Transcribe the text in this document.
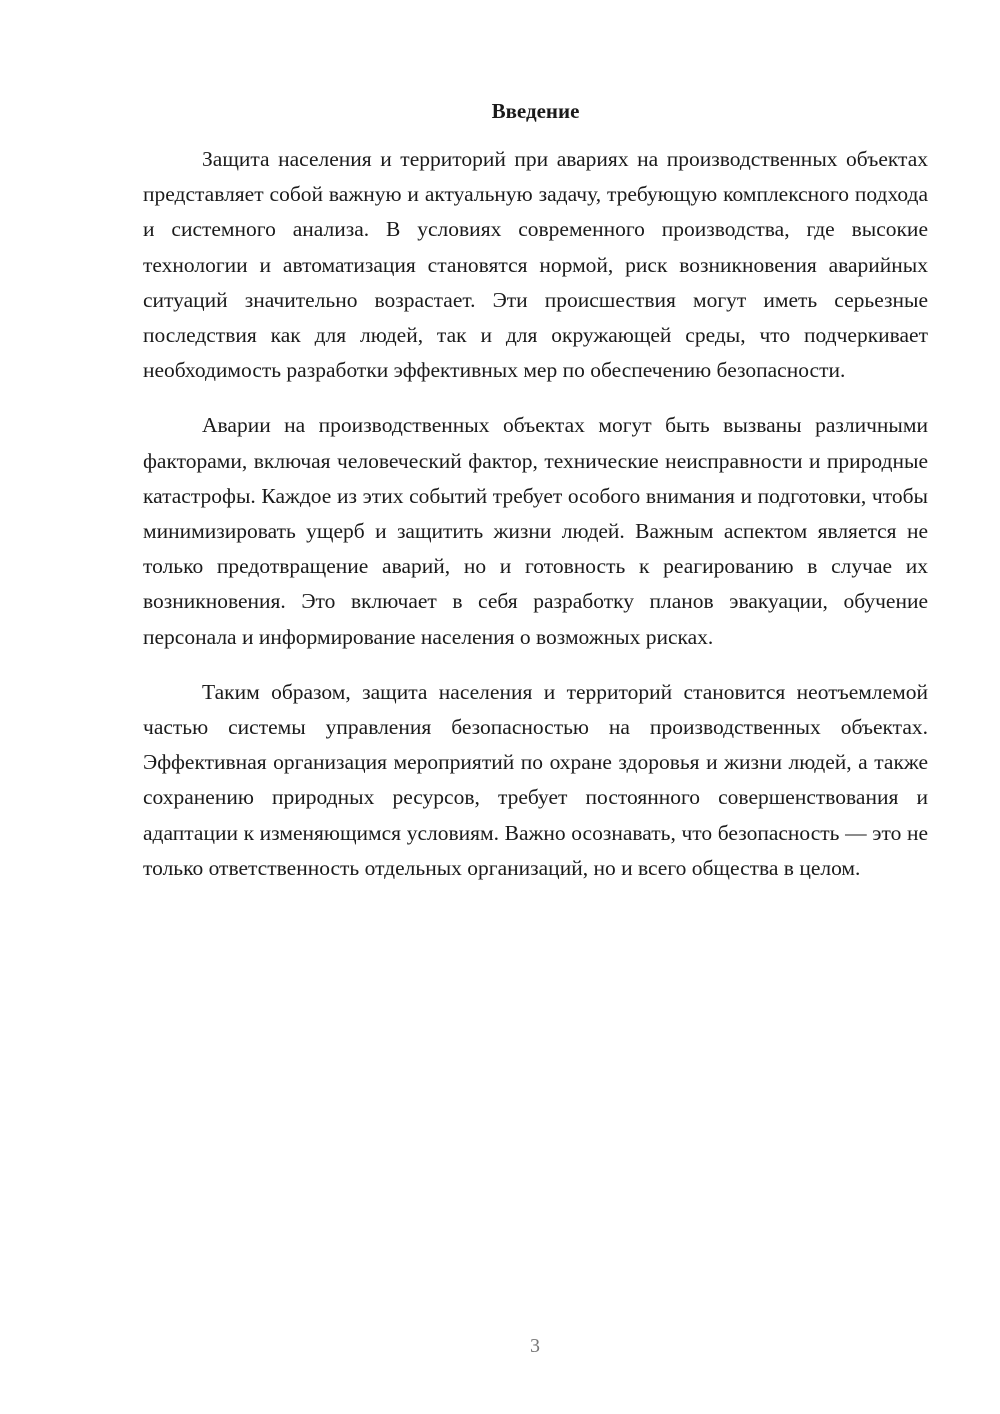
Введение

Защита населения и территорий при авариях на производственных объектах представляет собой важную и актуальную задачу, требующую комплексного подхода и системного анализа. В условиях современного производства, где высокие технологии и автоматизация становятся нормой, риск возникновения аварийных ситуаций значительно возрастает. Эти происшествия могут иметь серьезные последствия как для людей, так и для окружающей среды, что подчеркивает необходимость разработки эффективных мер по обеспечению безопасности.

Аварии на производственных объектах могут быть вызваны различными факторами, включая человеческий фактор, технические неисправности и природные катастрофы. Каждое из этих событий требует особого внимания и подготовки, чтобы минимизировать ущерб и защитить жизни людей. Важным аспектом является не только предотвращение аварий, но и готовность к реагированию в случае их возникновения. Это включает в себя разработку планов эвакуации, обучение персонала и информирование населения о возможных рисках.

Таким образом, защита населения и территорий становится неотъемлемой частью системы управления безопасностью на производственных объектах. Эффективная организация мероприятий по охране здоровья и жизни людей, а также сохранению природных ресурсов, требует постоянного совершенствования и адаптации к изменяющимся условиям. Важно осознавать, что безопасность — это не только ответственность отдельных организаций, но и всего общества в целом.

3
